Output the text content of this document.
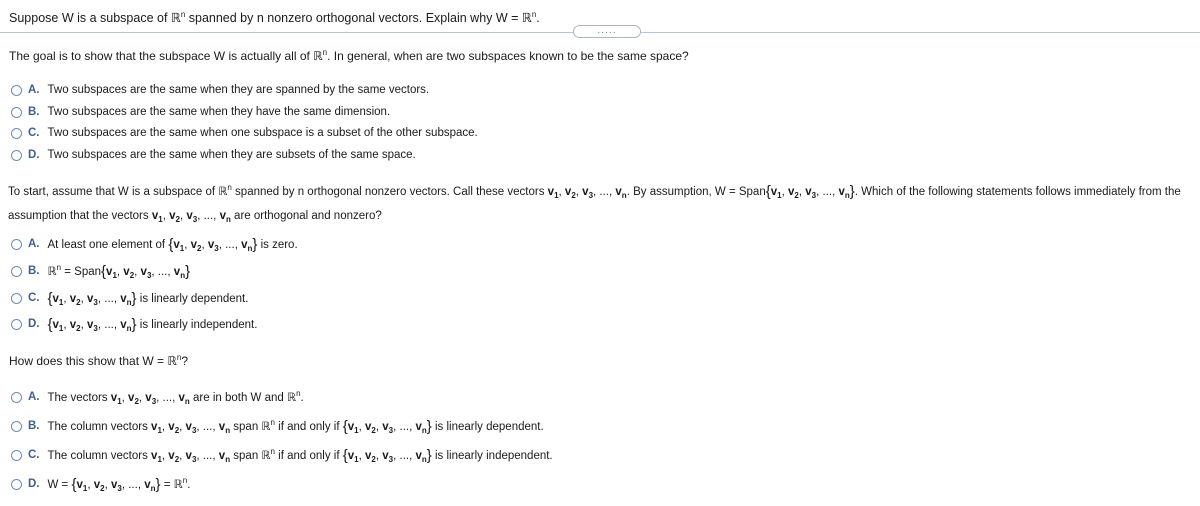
Suppose W is a subspace of ℝ$^n$ spanned by n nonzero orthogonal vectors. Explain why W = ℝ$^n$.
.....
The goal is to show that the subspace W is actually all of ℝ$^n$. In general, when are two subspaces known to be the same space?
A. Two subspaces are the same when they are spanned by the same vectors.
B. Two subspaces are the same when they have the same dimension.
C. Two subspaces are the same when one subspace is a subset of the other subspace.
D. Two subspaces are the same when they are subsets of the same space.
To start, assume that W is a subspace of ℝ$^n$ spanned by n orthogonal nonzero vectors. Call these vectors $v_1$, $v_2$, $v_3$, ..., $v_n$. By assumption, $W = Span\{v_1$, $v_2$, $v_3$, ..., $v_n$}. Which of the following statements follows immediately from the assumption that the vectors $v_1$, $v_2$, $v_3$, ..., $v_n$ are orthogonal and nonzero?
A. At least one element of {$v_1$, $v_2$, $v_3$, ..., $v_n$} is zero.
B. ℝ$^n$ = $Span\{v_1$, $v_2$, $v_3$, ..., $v_n$}
C. {$v_1$, $v_2$, $v_3$, ..., $v_n$} is linearly dependent.
D. {$v_1$, $v_2$, $v_3$, ..., $v_n$} is linearly independent.
How does this show that W = ℝ$^n$?
A. The vectors $v_1$, $v_2$, $v_3$, ..., $v_n$ are in both W and ℝ$^n$.
B. The column vectors $v_1$, $v_2$, $v_3$, ..., $v_n$ span ℝ$^n$ if and only if {$v_1$, $v_2$, $v_3$, ..., $v_n$} is linearly dependent.
C. The column vectors $v_1$, $v_2$, $v_3$, ..., $v_n$ span ℝ$^n$ if and only if {$v_1$, $v_2$, $v_3$, ..., $v_n$} is linearly independent.
D. $W = \{v_1$, $v_2$, $v_3$, ..., $v_n$} = ℝ$^n$.
